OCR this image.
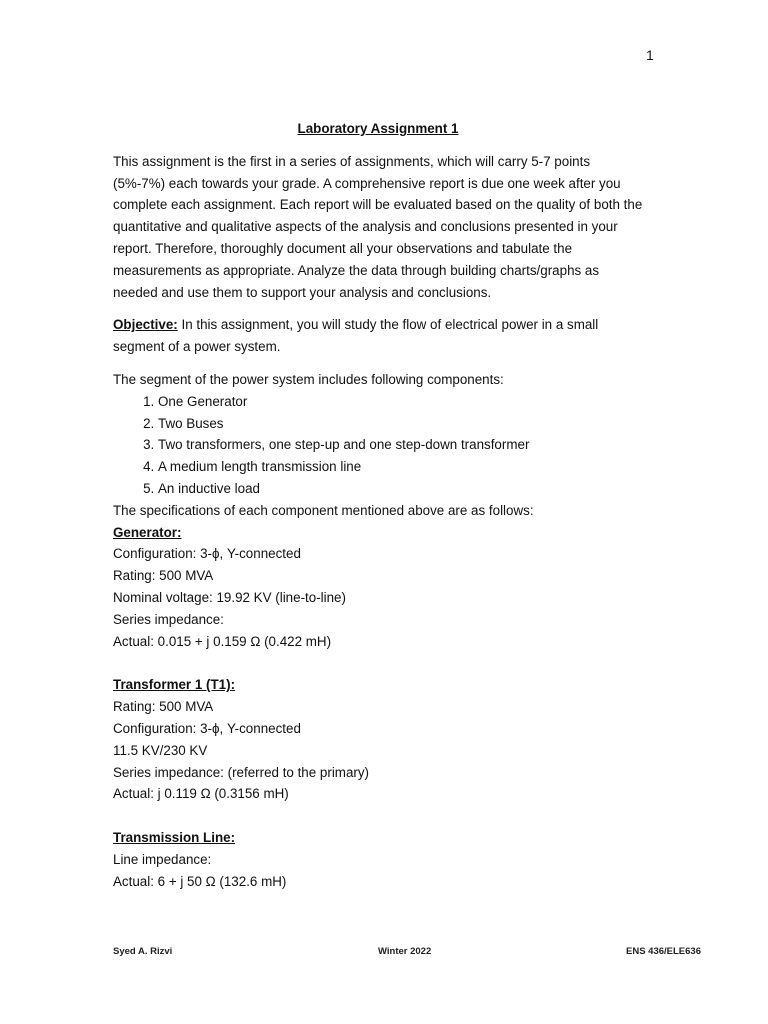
1
Laboratory Assignment 1

This assignment is the first in a series of assignments, which will carry 5-7 points (5%-7%) each towards your grade. A comprehensive report is due one week after you complete each assignment. Each report will be evaluated based on the quality of both the quantitative and qualitative aspects of the analysis and conclusions presented in your report. Therefore, thoroughly document all your observations and tabulate the measurements as appropriate. Analyze the data through building charts/graphs as needed and use them to support your analysis and conclusions.

Objective: In this assignment, you will study the flow of electrical power in a small segment of a power system.

The segment of the power system includes following components:
1. One Generator
2. Two Buses
3. Two transformers, one step-up and one step-down transformer
4. A medium length transmission line
5. An inductive load
The specifications of each component mentioned above are as follows:
Generator:
Configuration: 3-ϕ, Y-connected
Rating: 500 MVA
Nominal voltage: 19.92 KV (line-to-line)
Series impedance:
Actual: 0.015 + j 0.159 Ω (0.422 mH)
Transformer 1 (T1):
Rating: 500 MVA
Configuration: 3-ϕ, Y-connected
11.5 KV/230 KV
Series impedance: (referred to the primary)
Actual: j 0.119 Ω (0.3156 mH)
Transmission Line:
Line impedance:
Actual: 6 + j 50 Ω (132.6 mH)
Syed A. Rizvi	Winter 2022	ENS 436/ELE636
